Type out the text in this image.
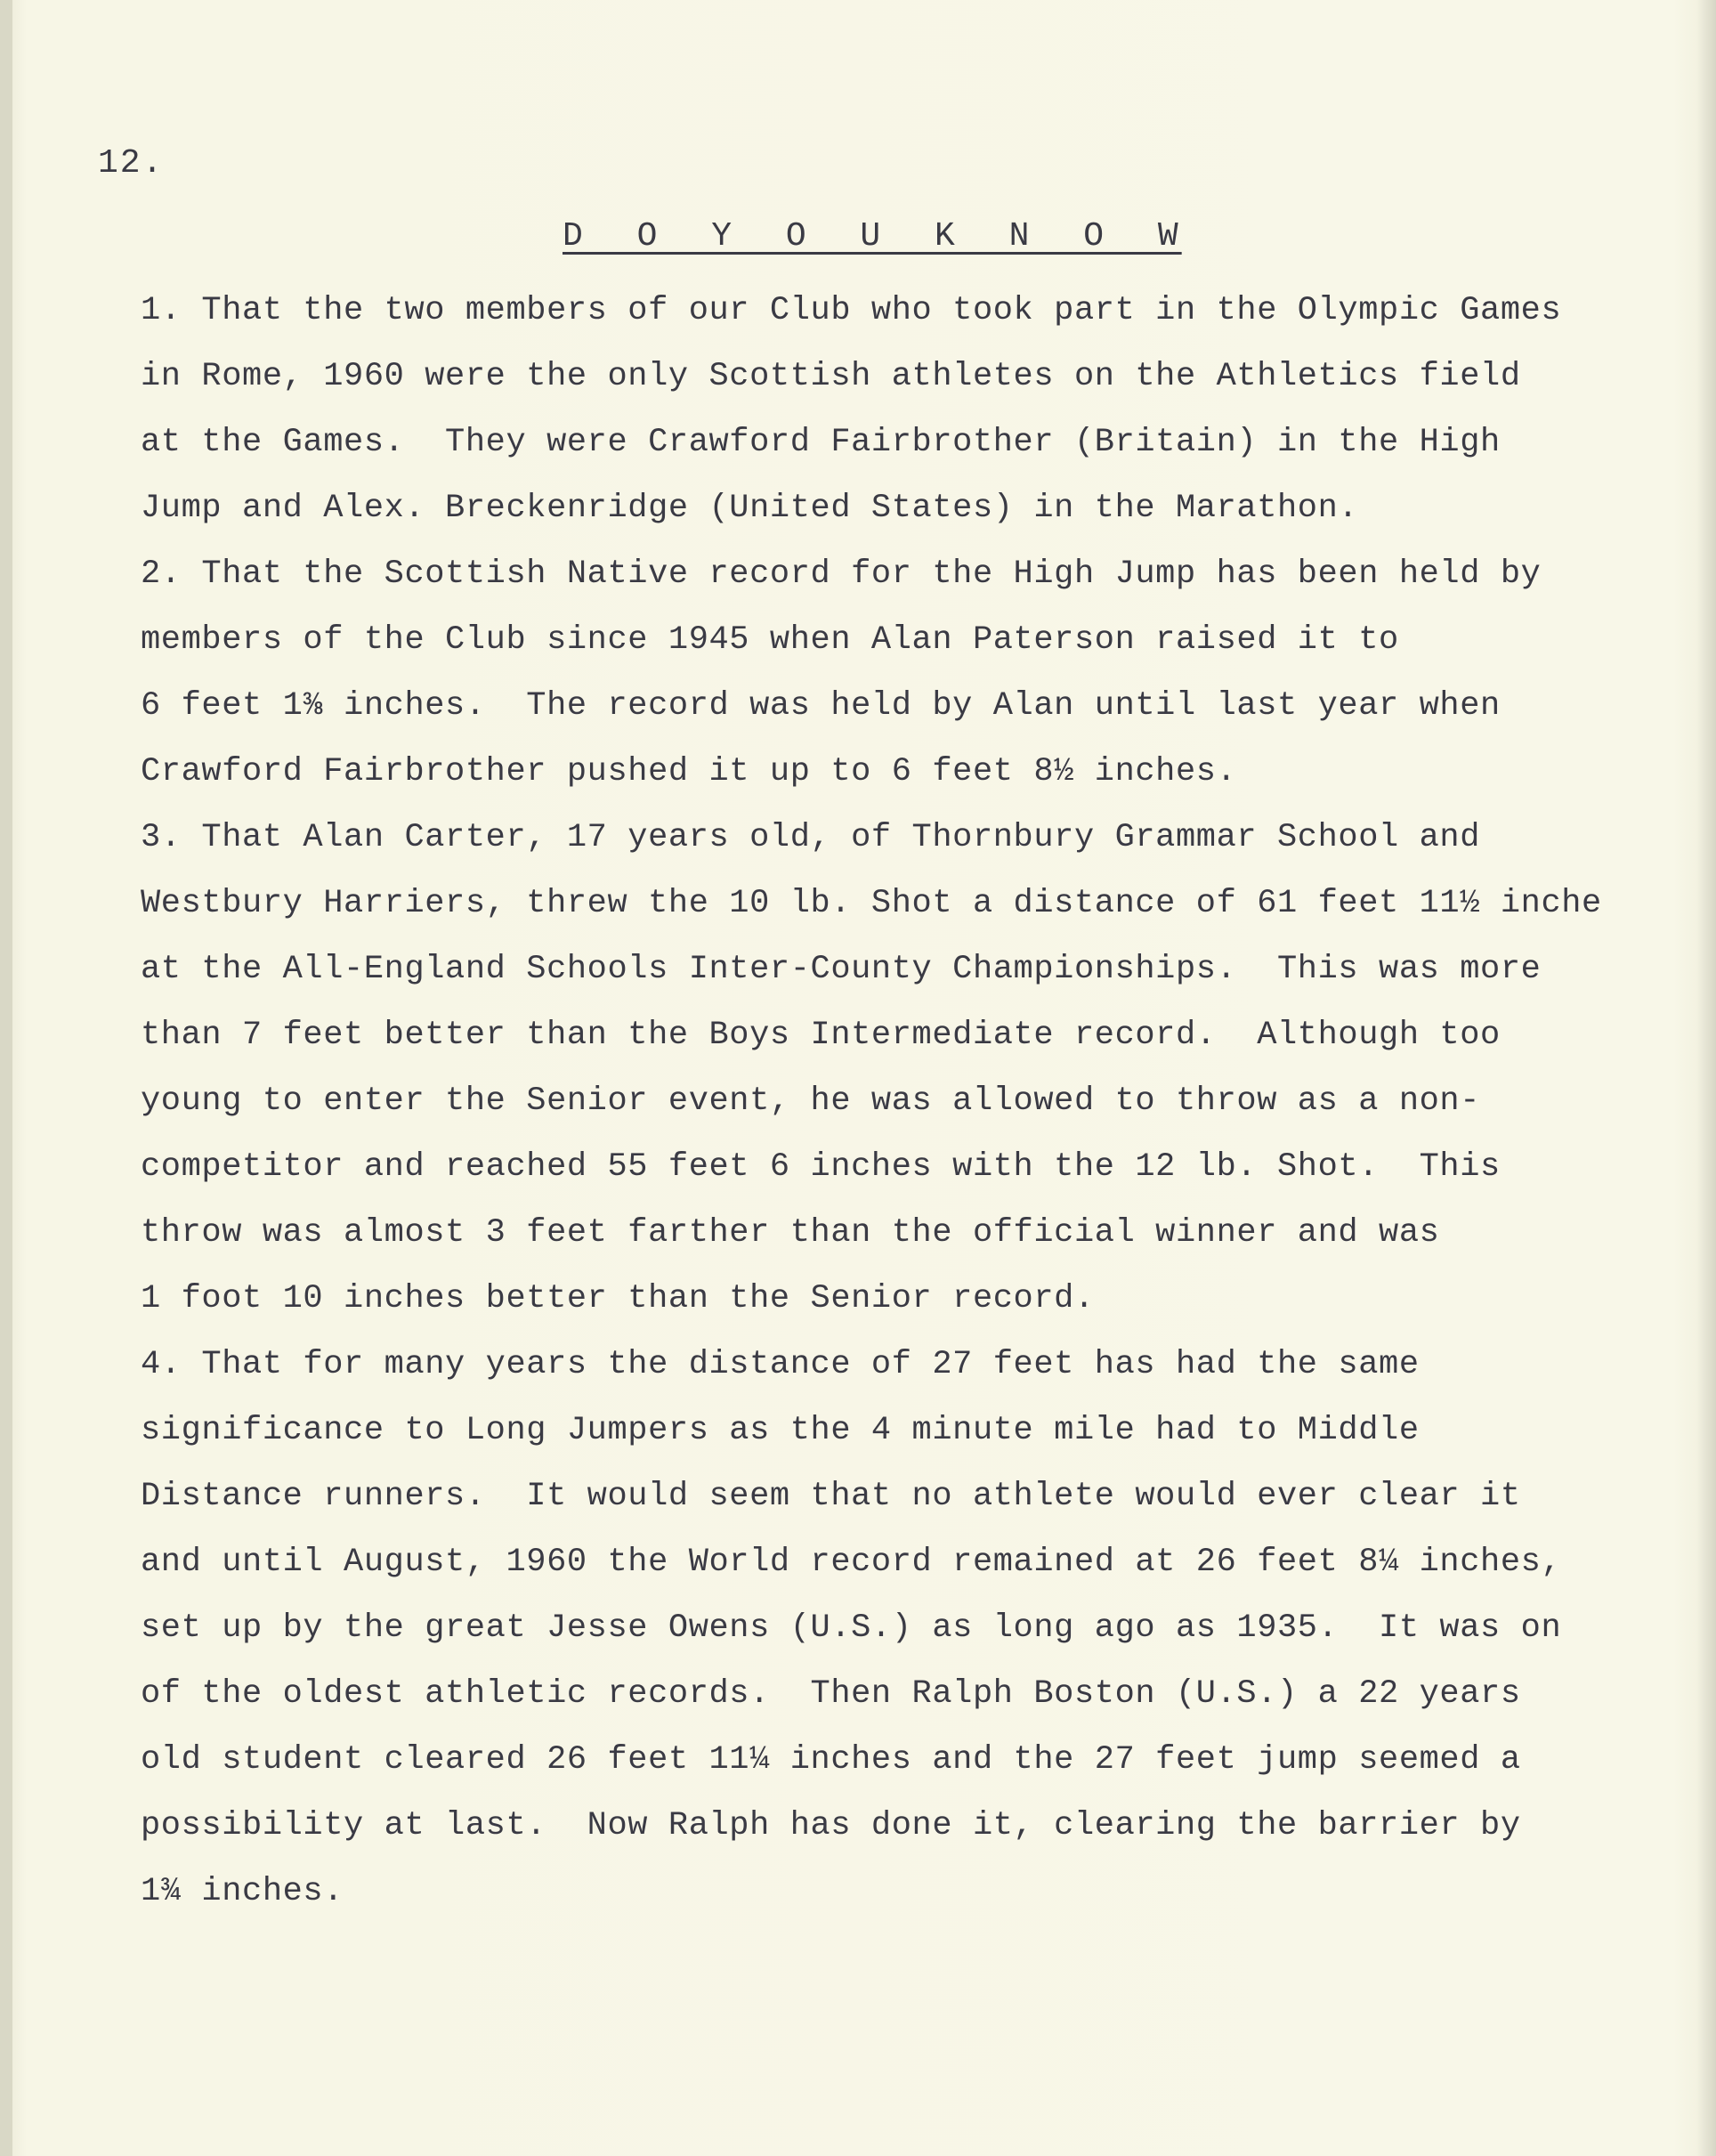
12.
D O Y O U K N O W
1. That the two members of our Club who took part in the Olympic Games
in Rome, 1960 were the only Scottish athletes on the Athletics field
at the Games.  They were Crawford Fairbrother (Britain) in the High
Jump and Alex. Breckenridge (United States) in the Marathon.
2. That the Scottish Native record for the High Jump has been held by
members of the Club since 1945 when Alan Paterson raised it to
6 feet 1⅜ inches.  The record was held by Alan until last year when
Crawford Fairbrother pushed it up to 6 feet 8½ inches.
3. That Alan Carter, 17 years old, of Thornbury Grammar School and
Westbury Harriers, threw the 10 lb. Shot a distance of 61 feet 11½ inche
at the All-England Schools Inter-County Championships.  This was more
than 7 feet better than the Boys Intermediate record.  Although too
young to enter the Senior event, he was allowed to throw as a non-
competitor and reached 55 feet 6 inches with the 12 lb. Shot.  This
throw was almost 3 feet farther than the official winner and was
1 foot 10 inches better than the Senior record.
4. That for many years the distance of 27 feet has had the same
significance to Long Jumpers as the 4 minute mile had to Middle
Distance runners.  It would seem that no athlete would ever clear it
and until August, 1960 the World record remained at 26 feet 8¼ inches,
set up by the great Jesse Owens (U.S.) as long ago as 1935.  It was on
of the oldest athletic records.  Then Ralph Boston (U.S.) a 22 years
old student cleared 26 feet 11¼ inches and the 27 feet jump seemed a
possibility at last.  Now Ralph has done it, clearing the barrier by
1¾ inches.
